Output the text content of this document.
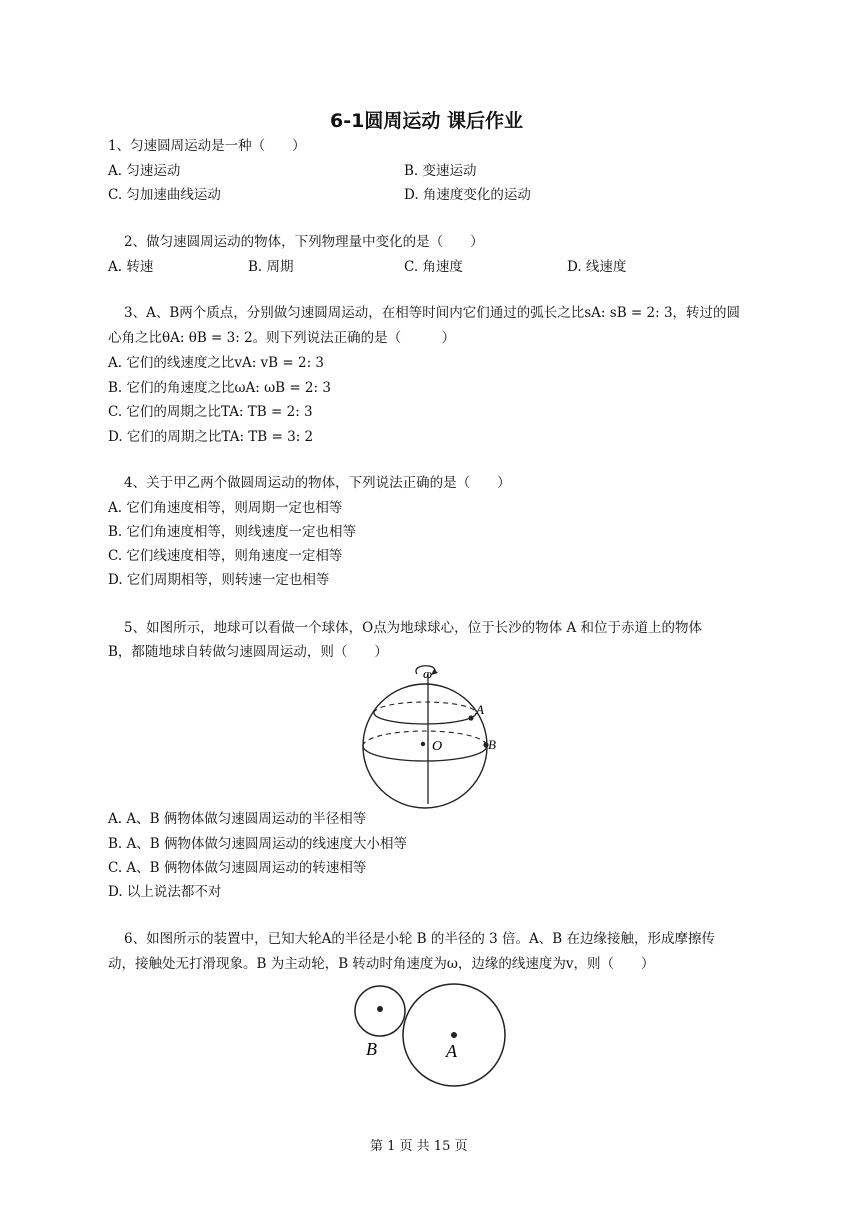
6-1圆周运动 课后作业
1、匀速圆周运动是一种（　　）
A. 匀速运动	B. 变速运动
C. 匀加速曲线运动	D. 角速度变化的运动
2、做匀速圆周运动的物体，下列物理量中变化的是（　　）
A. 转速	B. 周期	C. 角速度	D. 线速度
3、A、B两个质点，分别做匀速圆周运动，在相等时间内它们通过的弧长之比sA: sB = 2: 3，转过的圆
心角之比θA: θB = 3: 2。则下列说法正确的是（　　　）
A. 它们的线速度之比vA: vB = 2: 3
B. 它们的角速度之比ωA: ωB = 2: 3
C. 它们的周期之比TA: TB = 2: 3
D. 它们的周期之比TA: TB = 3: 2
4、关于甲乙两个做圆周运动的物体，下列说法正确的是（　　）
A. 它们角速度相等，则周期一定也相等
B. 它们角速度相等，则线速度一定也相等
C. 它们线速度相等，则角速度一定相等
D. 它们周期相等，则转速一定也相等
5、如图所示，地球可以看做一个球体，O点为地球球心，位于长沙的物体 A 和位于赤道上的物体
B，都随地球自转做匀速圆周运动，则（　　）
ω
A
O	B
A. A、B 俩物体做匀速圆周运动的半径相等
B. A、B 俩物体做匀速圆周运动的线速度大小相等
C. A、B 俩物体做匀速圆周运动的转速相等
D. 以上说法都不对
6、如图所示的装置中，已知大轮A的半径是小轮 B 的半径的 3 倍。A、B 在边缘接触，形成摩擦传
动，接触处无打滑现象。B 为主动轮，B 转动时角速度为ω，边缘的线速度为v，则（　　）
B	A
第 1 页 共 15 页
